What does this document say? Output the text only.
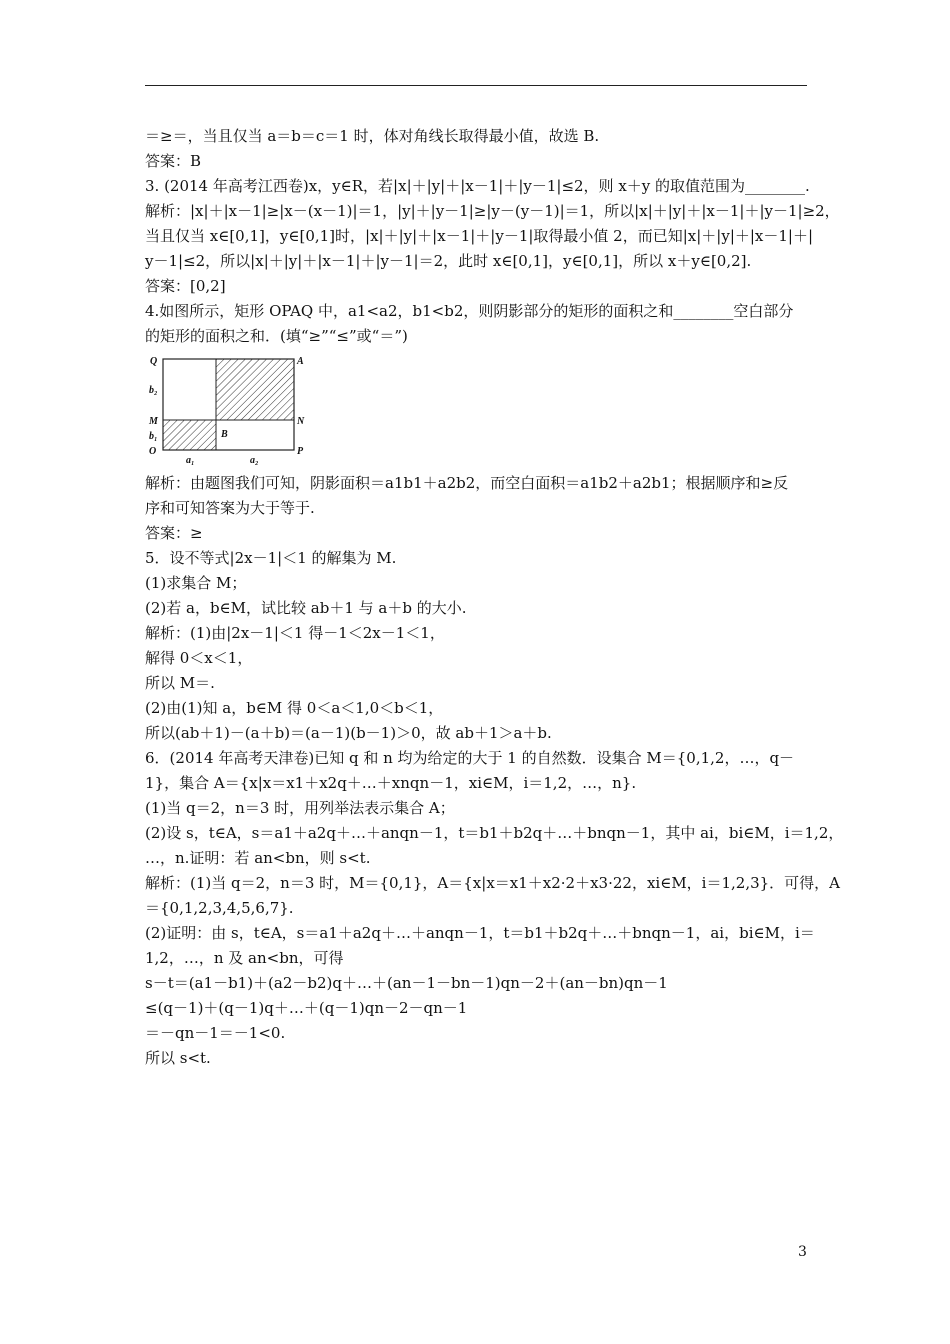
＝≥＝，当且仅当 a＝b＝c＝1 时，体对角线长取得最小值，故选 B.
答案：B
3. (2014 年高考江西卷)x，y∈R，若|x|＋|y|＋|x－1|＋|y－1|≤2，则 x＋y 的取值范围为________.
解析：|x|＋|x－1|≥|x－(x－1)|＝1，|y|＋|y－1|≥|y－(y－1)|＝1，所以|x|＋|y|＋|x－1|＋|y－1|≥2，
当且仅当 x∈[0,1]，y∈[0,1]时，|x|＋|y|＋|x－1|＋|y－1|取得最小值 2，而已知|x|＋|y|＋|x－1|＋|
y－1|≤2，所以|x|＋|y|＋|x－1|＋|y－1|＝2，此时 x∈[0,1]，y∈[0,1]，所以 x＋y∈[0,2].
答案：[0,2]
4.如图所示，矩形 OPAQ 中，a1<a2，b1<b2，则阴影部分的矩形的面积之和________空白部分
的矩形的面积之和．(填“≥”“≤”或“＝”)
Q	A
b₂
M	N
b₁	B
O	P
a₁	a₂
解析：由题图我们可知，阴影面积＝a1b1＋a2b2，而空白面积＝a1b2＋a2b1；根据顺序和≥反
序和可知答案为大于等于.
答案：≥
5．设不等式|2x－1|＜1 的解集为 M.
(1)求集合 M；
(2)若 a，b∈M，试比较 ab＋1 与 a＋b 的大小.
解析：(1)由|2x－1|＜1 得－1＜2x－1＜1，
解得 0＜x＜1，
所以 M＝.
(2)由(1)知 a，b∈M 得 0＜a＜1,0＜b＜1，
所以(ab＋1)－(a＋b)＝(a－1)(b－1)＞0，故 ab＋1＞a＋b.
6．(2014 年高考天津卷)已知 q 和 n 均为给定的大于 1 的自然数．设集合 M＝{0,1,2，…，q－
1}，集合 A＝{x|x＝x1＋x2q＋…＋xnqn－1，xi∈M，i＝1,2，…，n}.
(1)当 q＝2，n＝3 时，用列举法表示集合 A；
(2)设 s，t∈A，s＝a1＋a2q＋…＋anqn－1，t＝b1＋b2q＋…＋bnqn－1，其中 ai，bi∈M，i＝1,2，
…，n.证明：若 an<bn，则 s<t.
解析：(1)当 q＝2，n＝3 时，M＝{0,1}，A＝{x|x＝x1＋x2·2＋x3·22，xi∈M，i＝1,2,3}．可得，A
＝{0,1,2,3,4,5,6,7}.
(2)证明：由 s，t∈A，s＝a1＋a2q＋…＋anqn－1，t＝b1＋b2q＋…＋bnqn－1，ai，bi∈M，i＝
1,2，…，n 及 an<bn，可得
s－t＝(a1－b1)＋(a2－b2)q＋…＋(an－1－bn－1)qn－2＋(an－bn)qn－1
≤(q－1)＋(q－1)q＋…＋(q－1)qn－2－qn－1
＝－qn－1＝－1<0.
所以 s<t.
3
